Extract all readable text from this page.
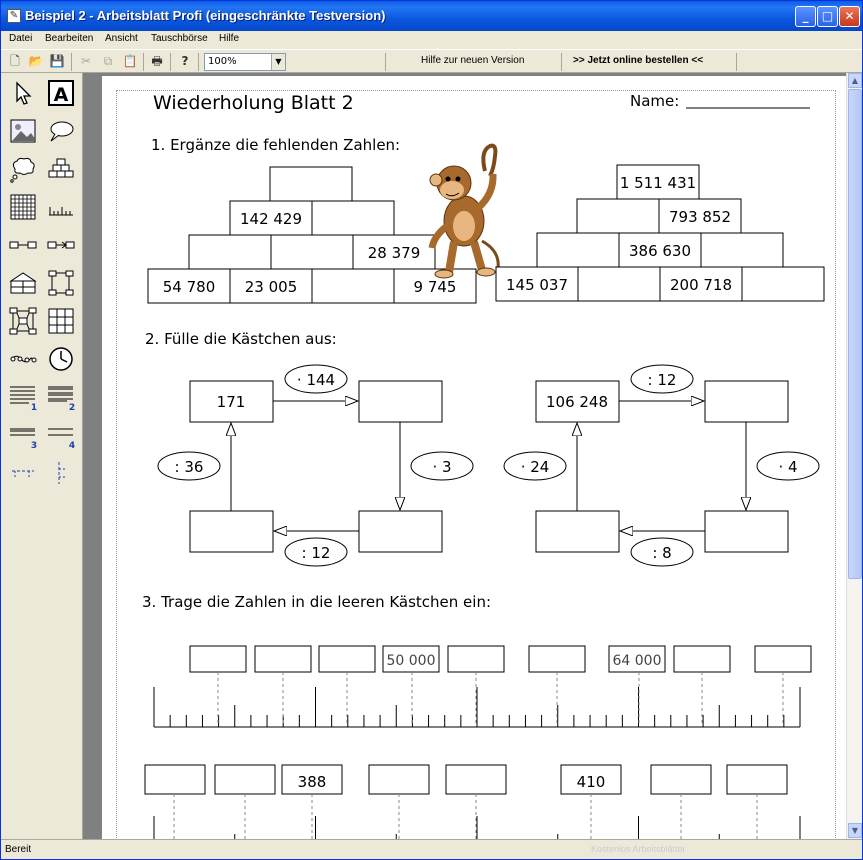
✎ Beispiel 2 - Arbeitsblatt Profi (eingeschränkte Testversion)	_	□ ✕
Datei Bearbeiten Ansicht Tauschbörse Hilfe
🗋 📂 💾 ✂	⧉ 📋 🖶	?	100%	▼	Hilfe zur neuen Version	>> Jetzt online bestellen <<
A
1	2
3	4
Wiederholung Blatt 2	Name:
1. Ergänze die fehlenden Zahlen:
142 429
28 379
54 780 23 005	9 745
1 511 431
793 852
386 630
145 037	200 718
2. Fülle die Kästchen aus:
171
· 144
· 3
: 12
: 36
106 248
: 12
· 4
: 8
· 24
3. Trage die Zahlen in die leeren Kästchen ein:
50 000	64 000
388	410
▲
▼
Bereit	Kostenlos Arbeitsblätter
